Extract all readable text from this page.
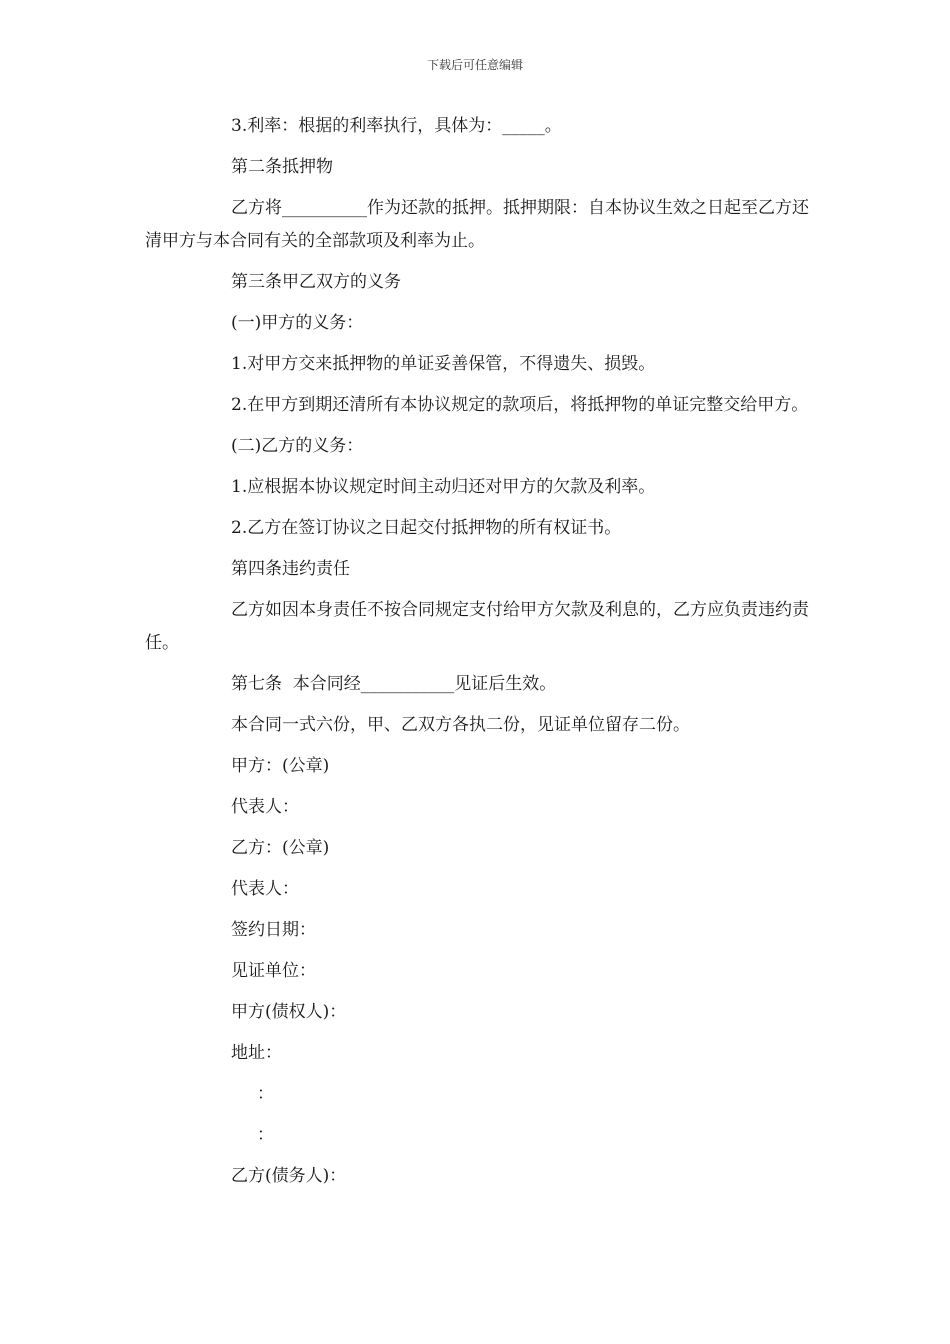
下载后可任意编辑

3.利率：根据的利率执行，具体为：_____。

第二条抵押物

乙方将__________作为还款的抵押。抵押期限：自本协议生效之日起至乙方还清甲方与本合同有关的全部款项及利率为止。

第三条甲乙双方的义务

(一)甲方的义务：

1.对甲方交来抵押物的单证妥善保管，不得遗失、损毁。

2.在甲方到期还清所有本协议规定的款项后，将抵押物的单证完整交给甲方。

(二)乙方的义务：

1.应根据本协议规定时间主动归还对甲方的欠款及利率。

2.乙方在签订协议之日起交付抵押物的所有权证书。

第四条违约责任

乙方如因本身责任不按合同规定支付给甲方欠款及利息的，乙方应负责违约责任。

第七条  本合同经___________见证后生效。

本合同一式六份，甲、乙双方各执二份，见证单位留存二份。

甲方：(公章)

代表人：

乙方：(公章)

代表人：

签约日期：

见证单位：

甲方(债权人)：

地址：

：

：

乙方(债务人)：
